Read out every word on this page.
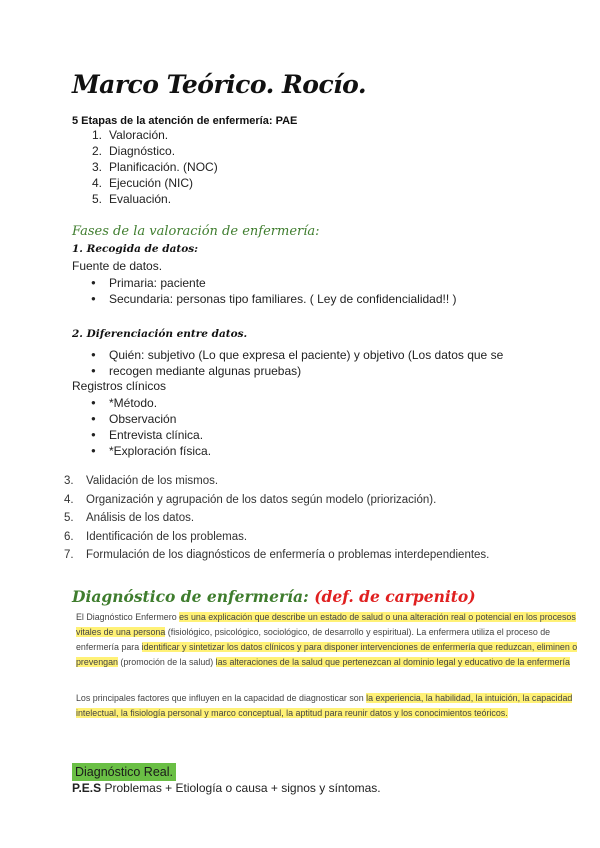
Marco Teórico. Rocío.
5 Etapas de la atención de enfermería: PAE
1. Valoración.
2. Diagnóstico.
3. Planificación. (NOC)
4. Ejecución (NIC)
5. Evaluación.
Fases de la valoración de enfermería:
1. Recogida de datos:
Fuente de datos.
● Primaria: paciente
● Secundaria: personas tipo familiares. ( Ley de confidencialidad!! )
2. Diferenciación entre datos.
● Quién: subjetivo (Lo que expresa el paciente) y objetivo (Los datos que se
● recogen mediante algunas pruebas)
Registros clínicos
● *Método.
● Observación
● Entrevista clínica.
● *Exploración física.
3. Validación de los mismos.
4. Organización y agrupación de los datos según modelo (priorización).
5. Análisis de los datos.
6. Identificación de los problemas.
7. Formulación de los diagnósticos de enfermería o problemas interdependientes.
Diagnóstico de enfermería: (def. de carpenito)
El Diagnóstico Enfermero es una explicación que describe un estado de salud o una alteración real o potencial en los procesos vitales de una persona (fisiológico, psicológico, sociológico, de desarrollo y espiritual). La enfermera utiliza el proceso de enfermería para identificar y sintetizar los datos clínicos y para disponer intervenciones de enfermería que reduzcan, eliminen o prevengan (promoción de la salud) las alteraciones de la salud que pertenezcan al dominio legal y educativo de la enfermería
Los principales factores que influyen en la capacidad de diagnosticar son la experiencia, la habilidad, la intuición, la capacidad intelectual, la fisiología personal y marco conceptual, la aptitud para reunir datos y los conocimientos teóricos.
Diagnóstico Real.
P.E.S Problemas + Etiología o causa + signos y síntomas.
